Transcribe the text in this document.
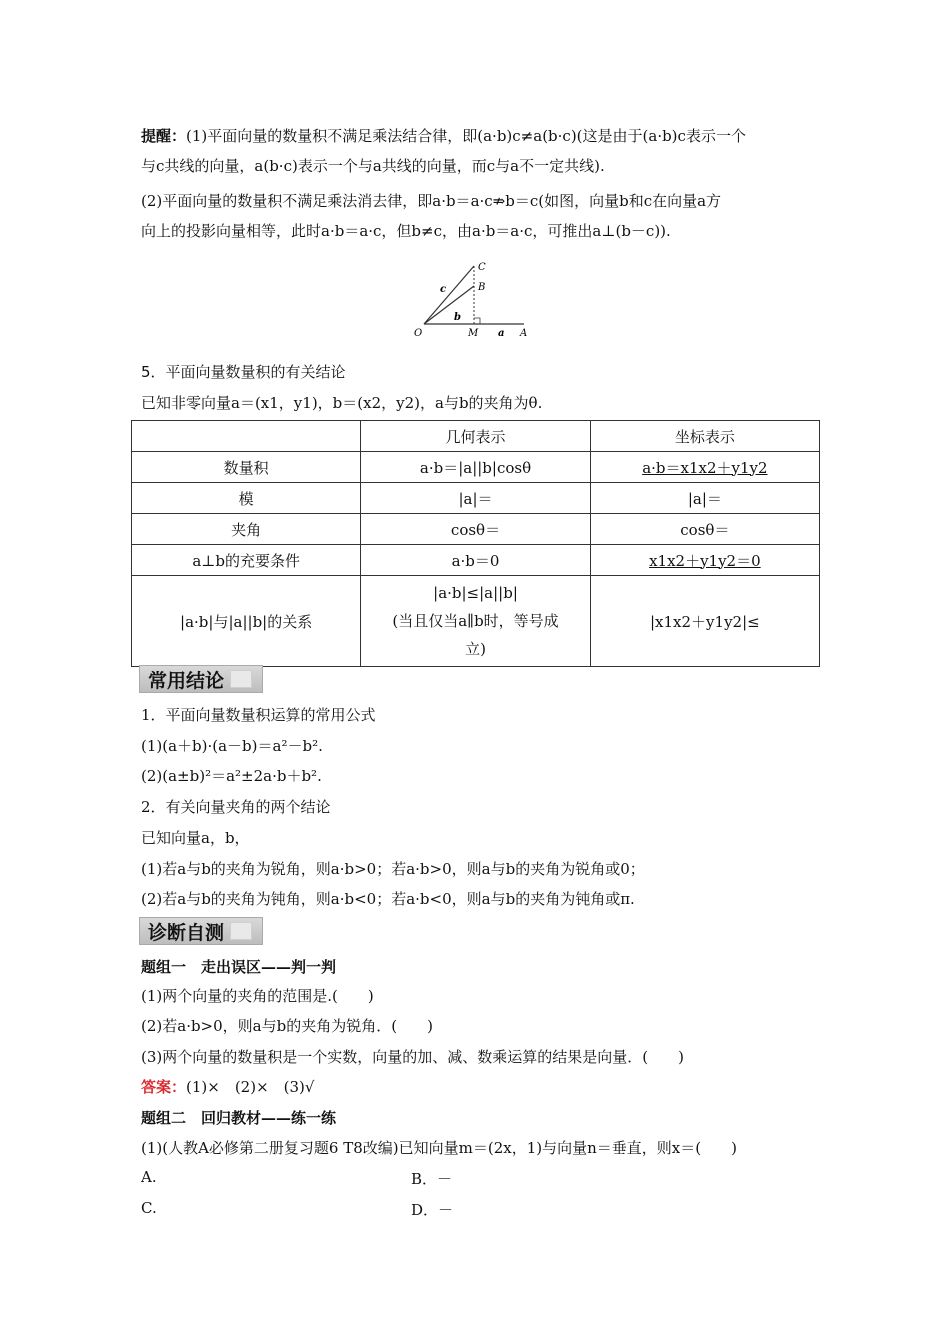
提醒：(1)平面向量的数量积不满足乘法结合律，即(a·b)c≠a(b·c)(这是由于(a·b)c表示一个
与c共线的向量，a(b·c)表示一个与a共线的向量，而c与a不一定共线).
(2)平面向量的数量积不满足乘法消去律，即a·b＝a·c⇏b＝c(如图，向量b和c在向量a方
向上的投影向量相等，此时a·b＝a·c，但b≠c，由a·b＝a·c，可推出a⊥(b－c)).
O	M	A
B
C
a
b
c
5．平面向量数量积的有关结论
已知非零向量a＝(x1，y1)，b＝(x2，y2)，a与b的夹角为θ.
	几何表示	坐标表示
数量积	a·b＝|a||b|cosθ	a·b＝x1x2＋y1y2
模	|a|＝	|a|＝
夹角	cosθ＝	cosθ＝
a⊥b的充要条件	a·b＝0	x1x2＋y1y2＝0
|a·b|与|a||b|的关系	|a·b|≤|a||b|
(当且仅当a∥b时，等号成
立)	|x1x2＋y1y2|≤
常用结论
1．平面向量数量积运算的常用公式
(1)(a＋b)·(a－b)＝a²－b².
(2)(a±b)²＝a²±2a·b＋b².
2．有关向量夹角的两个结论
已知向量a，b，
(1)若a与b的夹角为锐角，则a·b>0；若a·b>0，则a与b的夹角为锐角或0；
(2)若a与b的夹角为钝角，则a·b<0；若a·b<0，则a与b的夹角为钝角或π.
诊断自测
题组一　走出误区——判一判
(1)两个向量的夹角的范围是.(　　)
(2)若a·b>0，则a与b的夹角为锐角．(　　)
(3)两个向量的数量积是一个实数，向量的加、减、数乘运算的结果是向量．(　　)
答案：(1)×　(2)×　(3)√
题组二　回归教材——练一练
(1)(人教A必修第二册复习题6 T8改编)已知向量m＝(2x，1)与向量n＝垂直，则x＝(　　)
A.	B．－
C.	D．－
